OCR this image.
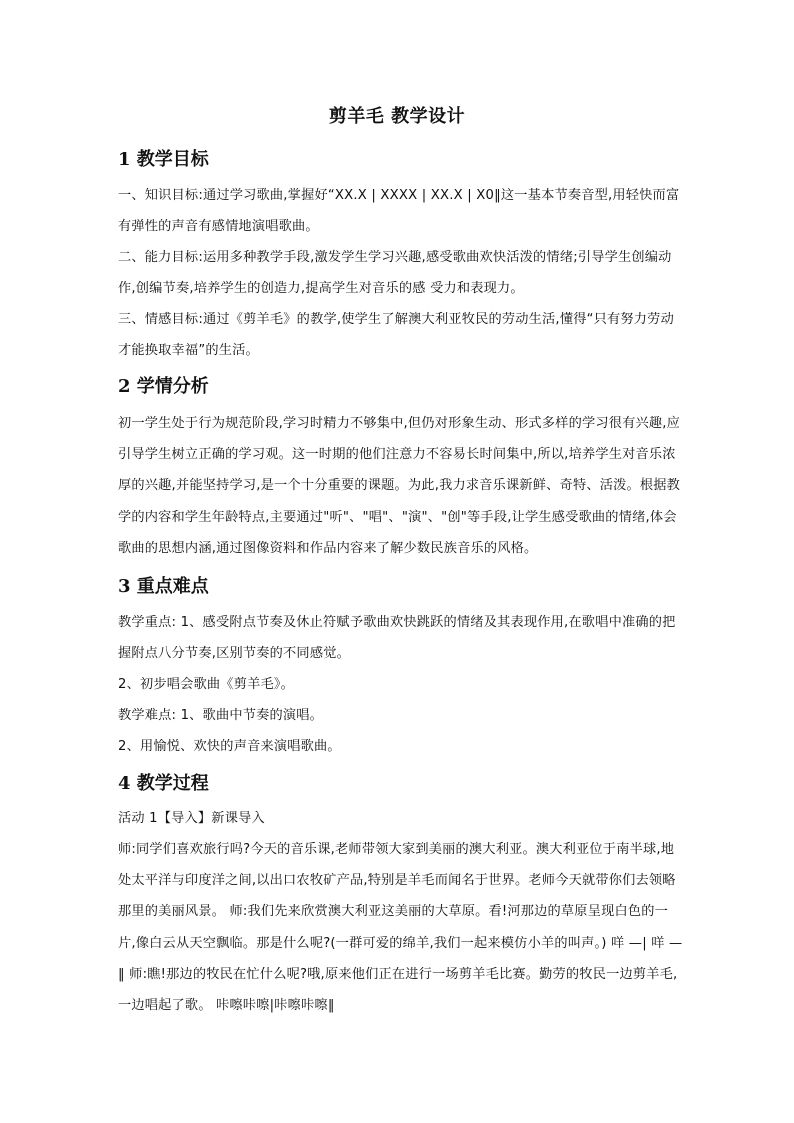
剪羊毛 教学设计
1 教学目标
一、知识目标:通过学习歌曲,掌握好“XX.X | XXXX | XX.X | X0‖这一基本节奏音型,用轻快而富有弹性的声音有感情地演唱歌曲。
二、能力目标:运用多种教学手段,激发学生学习兴趣,感受歌曲欢快活泼的情绪;引导学生创编动作,创编节奏,培养学生的创造力,提高学生对音乐的感 受力和表现力。
三、情感目标:通过《剪羊毛》的教学,使学生了解澳大利亚牧民的劳动生活,懂得“只有努力劳动才能换取幸福”的生活。
2 学情分析
初一学生处于行为规范阶段,学习时精力不够集中,但仍对形象生动、形式多样的学习很有兴趣,应引导学生树立正确的学习观。这一时期的他们注意力不容易长时间集中,所以,培养学生对音乐浓厚的兴趣,并能坚持学习,是一个十分重要的课题。为此,我力求音乐课新鲜、奇特、活泼。根据教学的内容和学生年龄特点,主要通过"听"、"唱"、"演"、"创"等手段,让学生感受歌曲的情绪,体会歌曲的思想内涵,通过图像资料和作品内容来了解少数民族音乐的风格。
3 重点难点
教学重点: 1、感受附点节奏及休止符赋予歌曲欢快跳跃的情绪及其表现作用,在歌唱中准确的把握附点八分节奏,区别节奏的不同感觉。
2、初步唱会歌曲《剪羊毛》。
教学难点: 1、歌曲中节奏的演唱。
2、用愉悦、欢快的声音来演唱歌曲。
4 教学过程
活动 1【导入】新课导入
师:同学们喜欢旅行吗?今天的音乐课,老师带领大家到美丽的澳大利亚。澳大利亚位于南半球,地处太平洋与印度洋之间,以出口农牧矿产品,特别是羊毛而闻名于世界。老师今天就带你们去领略那里的美丽风景。 师:我们先来欣赏澳大利亚这美丽的大草原。看!河那边的草原呈现白色的一片,像白云从天空飘临。那是什么呢?(一群可爱的绵羊,我们一起来模仿小羊的叫声。) 咩 —| 咩 —‖ 师:瞧!那边的牧民在忙什么呢?哦,原来他们正在进行一场剪羊毛比赛。勤劳的牧民一边剪羊毛,一边唱起了歌。 咔嚓咔嚓|咔嚓咔嚓‖
